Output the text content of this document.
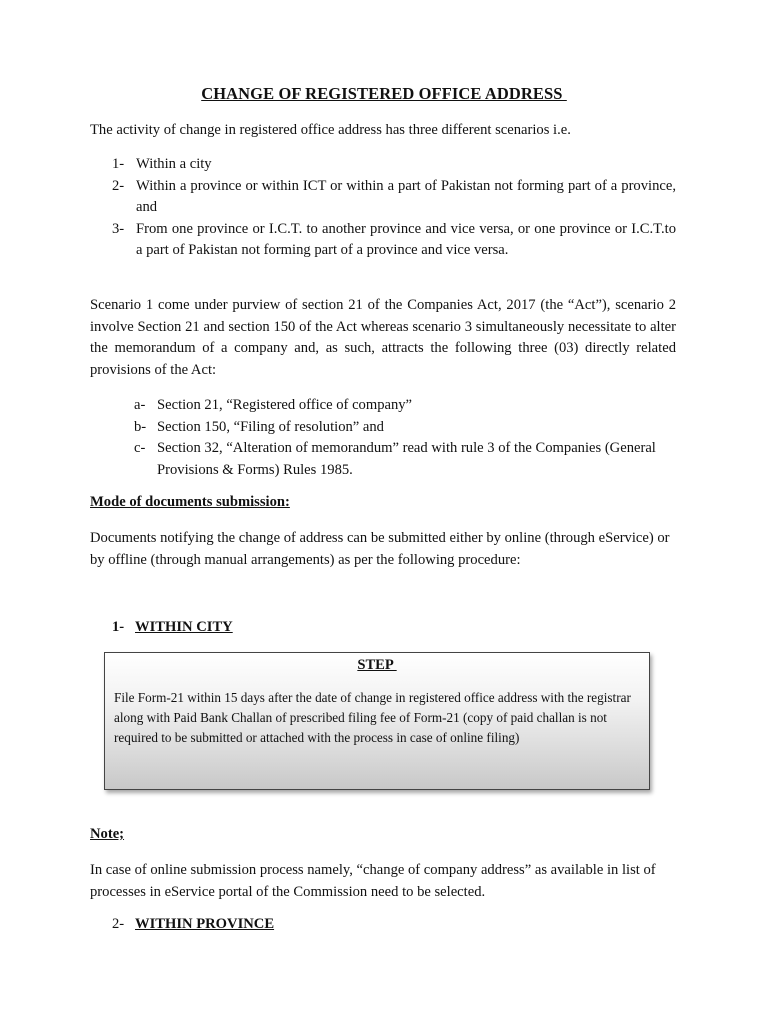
CHANGE OF REGISTERED OFFICE ADDRESS

The activity of change in registered office address has three different scenarios i.e.

1- Within a city
2- Within a province or within ICT or within a part of Pakistan not forming part of a province, and
3- From one province or I.C.T. to another province and vice versa, or one province or I.C.T.to a part of Pakistan not forming part of a province and vice versa.

Scenario 1 come under purview of section 21 of the Companies Act, 2017 (the “Act”), scenario 2 involve Section 21 and section 150 of the Act whereas scenario 3 simultaneously necessitate to alter the memorandum of a company and, as such, attracts the following three (03) directly related provisions of the Act:

a- Section 21, “Registered office of company”
b- Section 150, “Filing of resolution” and
c- Section 32, “Alteration of memorandum” read with rule 3 of the Companies (General Provisions & Forms) Rules 1985.
Mode of documents submission:

Documents notifying the change of address can be submitted either by online (through eService) or by offline (through manual arrangements) as per the following procedure:

1- WITHIN CITY
STEP

File Form-21 within 15 days after the date of change in registered office address with the registrar along with Paid Bank Challan of prescribed filing fee of Form-21 (copy of paid challan is not required to be submitted or attached with the process in case of online filing)

Note;

In case of online submission process namely, “change of company address” as available in list of processes in eService portal of the Commission need to be selected.

2- WITHIN PROVINCE
